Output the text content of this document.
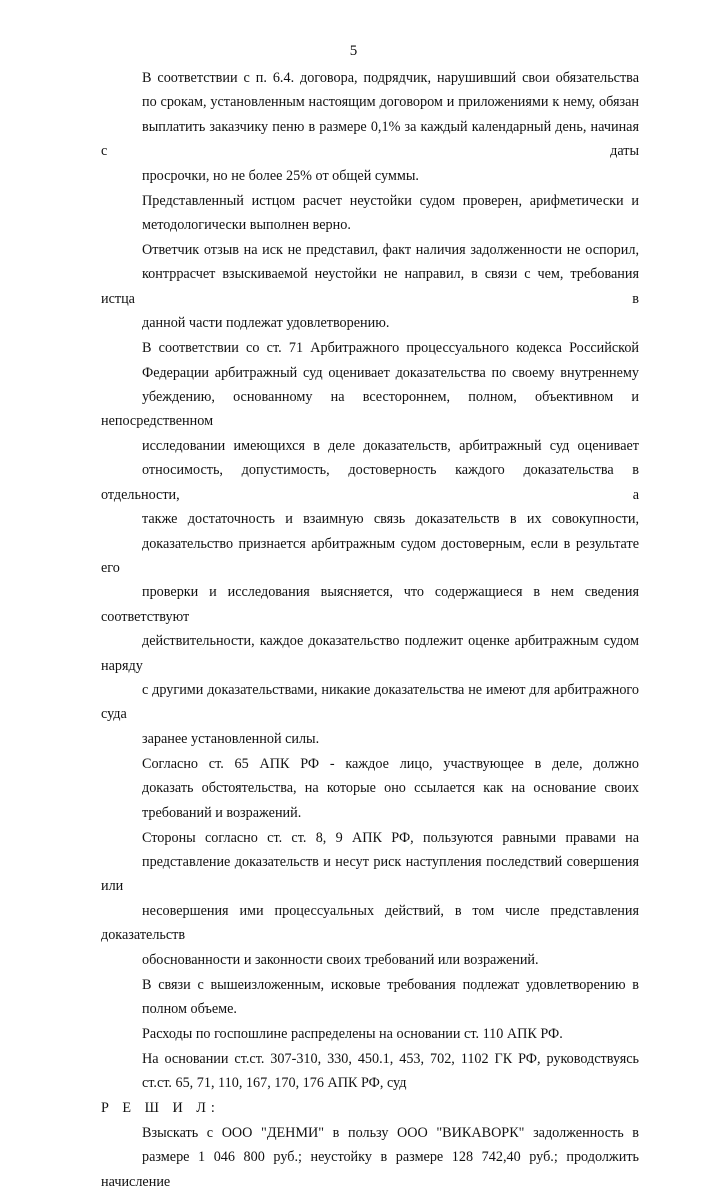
5
В соответствии с п. 6.4. договора, подрядчик, нарушивший свои обязательства
по срокам, установленным настоящим договором и приложениями к нему, обязан
выплатить заказчику пеню в размере 0,1% за каждый календарный день, начиная с даты
просрочки, но не более 25% от общей суммы.
Представленный истцом расчет неустойки судом проверен, арифметически и
методологически выполнен верно.
Ответчик отзыв на иск не представил, факт наличия задолженности не оспорил,
контррасчет взыскиваемой неустойки не направил, в связи с чем, требования истца в
данной части подлежат удовлетворению.
В соответствии со ст. 71 Арбитражного процессуального кодекса Российской
Федерации арбитражный суд оценивает доказательства по своему внутреннему
убеждению, основанному на всестороннем, полном, объективном и непосредственном
исследовании имеющихся в деле доказательств, арбитражный суд оценивает
относимость, допустимость, достоверность каждого доказательства в отдельности, а
также достаточность и взаимную связь доказательств в их совокупности,
доказательство признается арбитражным судом достоверным, если в результате его
проверки и исследования выясняется, что содержащиеся в нем сведения соответствуют
действительности, каждое доказательство подлежит оценке арбитражным судом наряду
с другими доказательствами, никакие доказательства не имеют для арбитражного суда
заранее установленной силы.
Согласно ст. 65 АПК РФ - каждое лицо, участвующее в деле, должно
доказать обстоятельства, на которые оно ссылается как на основание своих
требований и возражений.
Стороны согласно ст. ст. 8, 9 АПК РФ, пользуются равными правами на
представление доказательств и несут риск наступления последствий совершения или
несовершения ими процессуальных действий, в том числе представления доказательств
обоснованности и законности своих требований или возражений.
В связи с вышеизложенным, исковые требования подлежат удовлетворению в
полном объеме.
Расходы по госпошлине распределены на основании ст. 110 АПК РФ.
На основании ст.ст. 307-310, 330, 450.1, 453, 702, 1102 ГК РФ, руководствуясь
ст.ст. 65, 71, 110, 167, 170, 176 АПК РФ, суд
Р Е Ш И Л:
Взыскать с ООО "ДЕНМИ" в пользу ООО "ВИКАВОРК" задолженность в
размере 1 046 800 руб.; неустойку в размере 128 742,40 руб.; продолжить начисление
